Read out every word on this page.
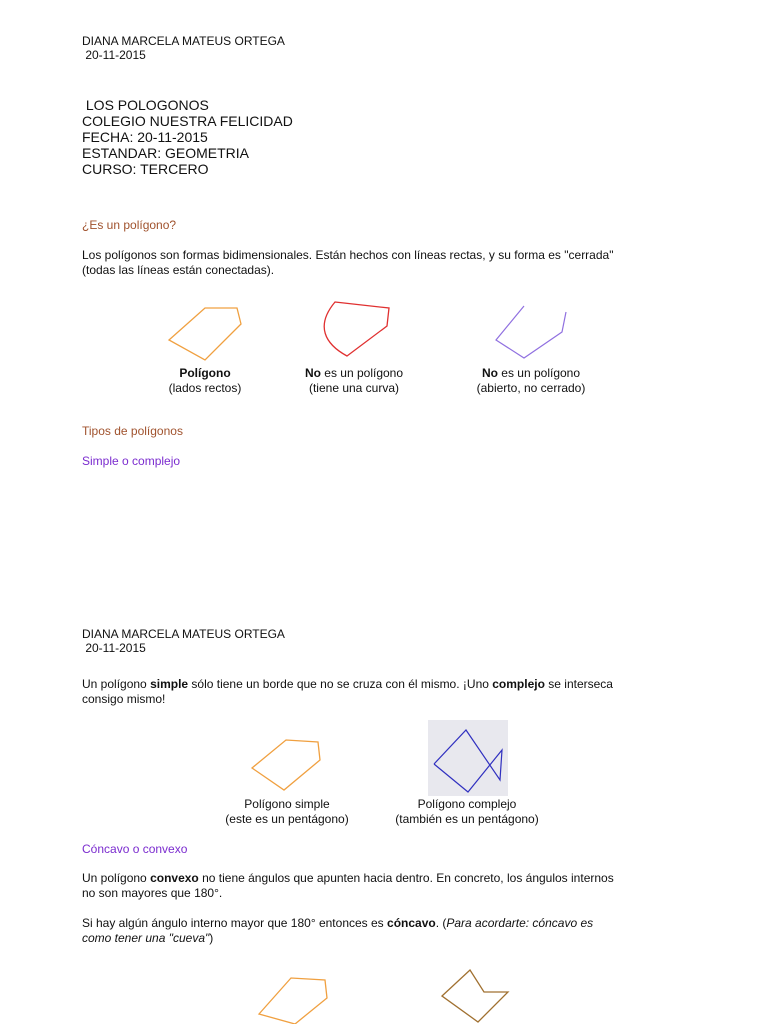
DIANA MARCELA MATEUS ORTEGA
20-11-2015
LOS POLOGONOS
COLEGIO NUESTRA FELICIDAD
FECHA: 20-11-2015
ESTANDAR: GEOMETRIA
CURSO: TERCERO
¿Es un polígono?
Los polígonos son formas bidimensionales. Están hechos con líneas rectas, y su forma es "cerrada"
(todas las líneas están conectadas).
Polígono
(lados rectos)
No es un polígono
(tiene una curva)
No es un polígono
(abierto, no cerrado)
Tipos de polígonos
Simple o complejo
DIANA MARCELA MATEUS ORTEGA
20-11-2015
Un polígono simple sólo tiene un borde que no se cruza con él mismo. ¡Uno complejo se interseca
consigo mismo!
Polígono simple
(este es un pentágono)
Polígono complejo
(también es un pentágono)
Cóncavo o convexo
Un polígono convexo no tiene ángulos que apunten hacia dentro. En concreto, los ángulos internos
no son mayores que 180°.
Si hay algún ángulo interno mayor que 180° entonces es cóncavo. (Para acordarte: cóncavo es
como tener una "cueva")
